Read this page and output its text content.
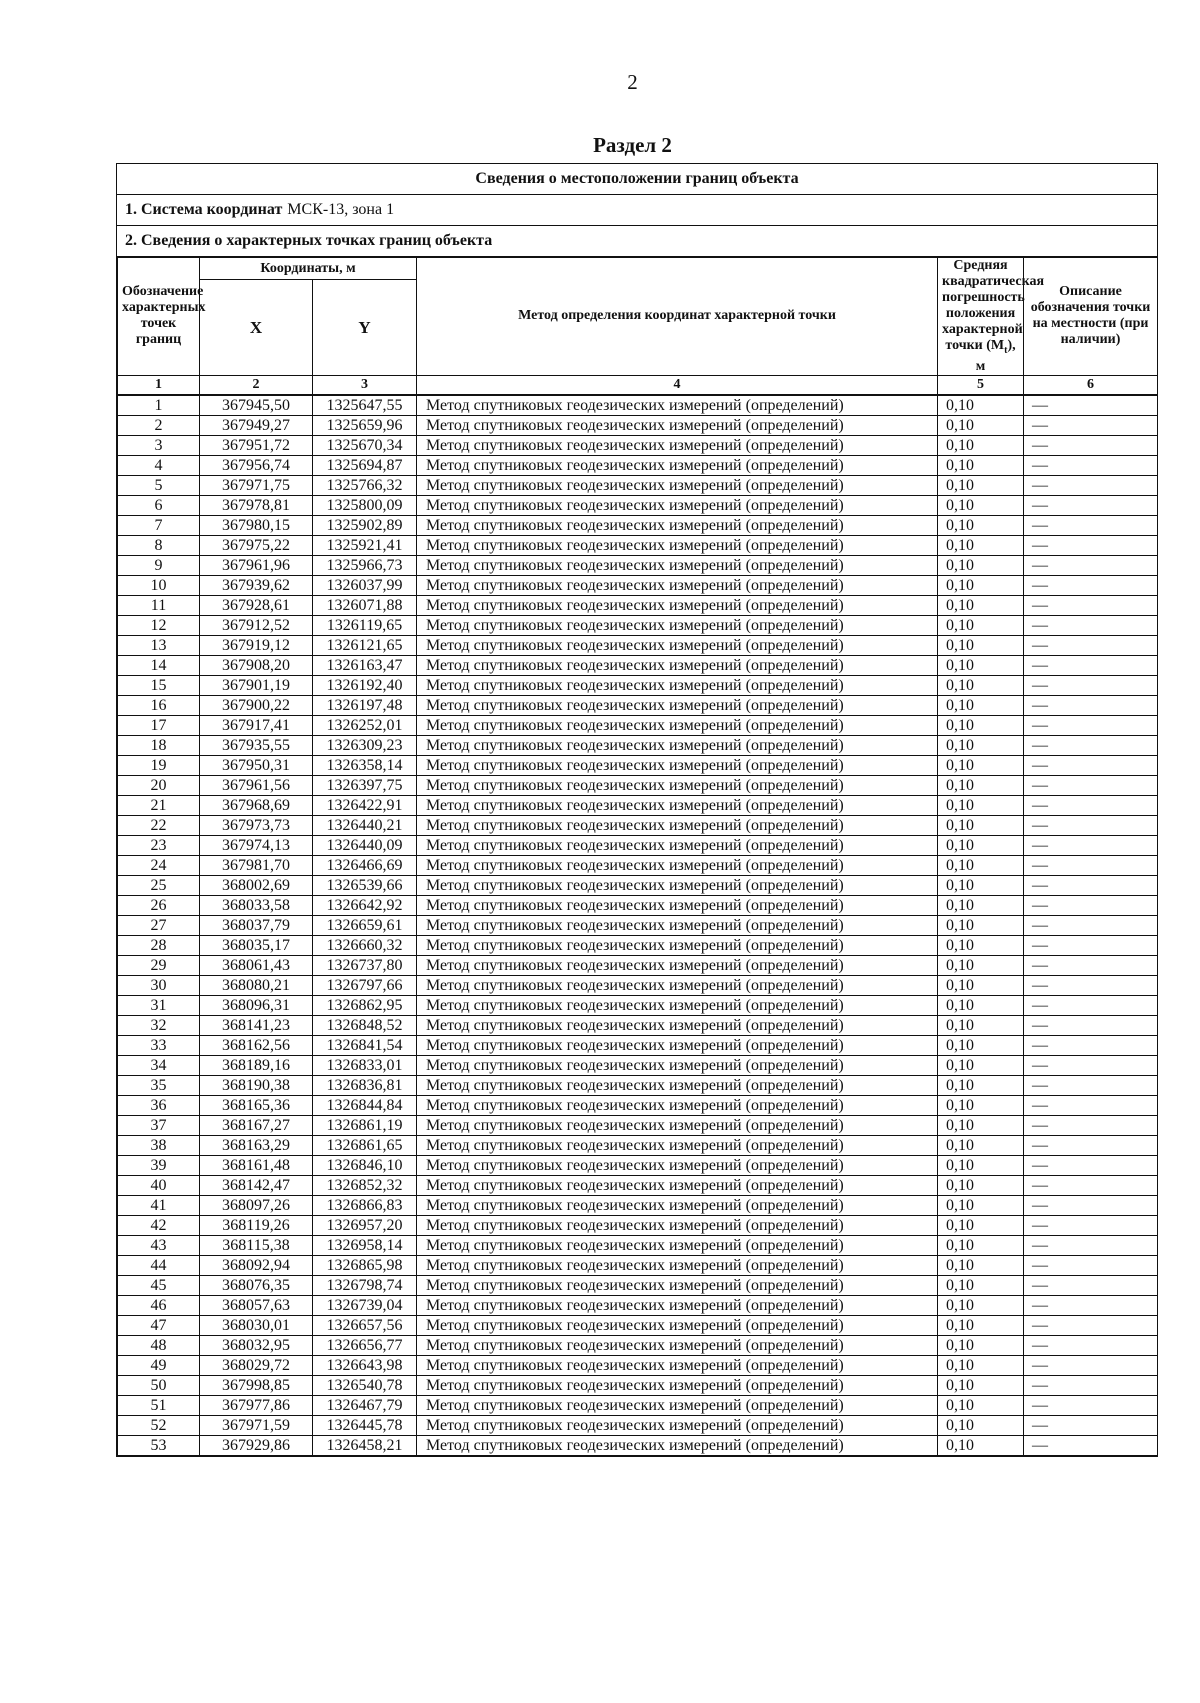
2
Раздел 2
Сведения о местоположении границ объекта
1. Система координат МСК-13, зона 1
2. Сведения о характерных точках границ объекта
Обозначение характерных точек границ	Координаты, м		Метод определения координат характерной точки	Средняя квадратическая погрешность положения характерной точки $(M_t)$, м	Описание обозначения точки на местности (при наличии)
	X	Y			
1	2	3	4	5	6
1	367945,50	1325647,55	Метод спутниковых геодезических измерений (определений)	0,10	—
2	367949,27	1325659,96	Метод спутниковых геодезических измерений (определений)	0,10	—
3	367951,72	1325670,34	Метод спутниковых геодезических измерений (определений)	0,10	—
4	367956,74	1325694,87	Метод спутниковых геодезических измерений (определений)	0,10	—
5	367971,75	1325766,32	Метод спутниковых геодезических измерений (определений)	0,10	—
6	367978,81	1325800,09	Метод спутниковых геодезических измерений (определений)	0,10	—
7	367980,15	1325902,89	Метод спутниковых геодезических измерений (определений)	0,10	—
8	367975,22	1325921,41	Метод спутниковых геодезических измерений (определений)	0,10	—
9	367961,96	1325966,73	Метод спутниковых геодезических измерений (определений)	0,10	—
10	367939,62	1326037,99	Метод спутниковых геодезических измерений (определений)	0,10	—
11	367928,61	1326071,88	Метод спутниковых геодезических измерений (определений)	0,10	—
12	367912,52	1326119,65	Метод спутниковых геодезических измерений (определений)	0,10	—
13	367919,12	1326121,65	Метод спутниковых геодезических измерений (определений)	0,10	—
14	367908,20	1326163,47	Метод спутниковых геодезических измерений (определений)	0,10	—
15	367901,19	1326192,40	Метод спутниковых геодезических измерений (определений)	0,10	—
16	367900,22	1326197,48	Метод спутниковых геодезических измерений (определений)	0,10	—
17	367917,41	1326252,01	Метод спутниковых геодезических измерений (определений)	0,10	—
18	367935,55	1326309,23	Метод спутниковых геодезических измерений (определений)	0,10	—
19	367950,31	1326358,14	Метод спутниковых геодезических измерений (определений)	0,10	—
20	367961,56	1326397,75	Метод спутниковых геодезических измерений (определений)	0,10	—
21	367968,69	1326422,91	Метод спутниковых геодезических измерений (определений)	0,10	—
22	367973,73	1326440,21	Метод спутниковых геодезических измерений (определений)	0,10	—
23	367974,13	1326440,09	Метод спутниковых геодезических измерений (определений)	0,10	—
24	367981,70	1326466,69	Метод спутниковых геодезических измерений (определений)	0,10	—
25	368002,69	1326539,66	Метод спутниковых геодезических измерений (определений)	0,10	—
26	368033,58	1326642,92	Метод спутниковых геодезических измерений (определений)	0,10	—
27	368037,79	1326659,61	Метод спутниковых геодезических измерений (определений)	0,10	—
28	368035,17	1326660,32	Метод спутниковых геодезических измерений (определений)	0,10	—
29	368061,43	1326737,80	Метод спутниковых геодезических измерений (определений)	0,10	—
30	368080,21	1326797,66	Метод спутниковых геодезических измерений (определений)	0,10	—
31	368096,31	1326862,95	Метод спутниковых геодезических измерений (определений)	0,10	—
32	368141,23	1326848,52	Метод спутниковых геодезических измерений (определений)	0,10	—
33	368162,56	1326841,54	Метод спутниковых геодезических измерений (определений)	0,10	—
34	368189,16	1326833,01	Метод спутниковых геодезических измерений (определений)	0,10	—
35	368190,38	1326836,81	Метод спутниковых геодезических измерений (определений)	0,10	—
36	368165,36	1326844,84	Метод спутниковых геодезических измерений (определений)	0,10	—
37	368167,27	1326861,19	Метод спутниковых геодезических измерений (определений)	0,10	—
38	368163,29	1326861,65	Метод спутниковых геодезических измерений (определений)	0,10	—
39	368161,48	1326846,10	Метод спутниковых геодезических измерений (определений)	0,10	—
40	368142,47	1326852,32	Метод спутниковых геодезических измерений (определений)	0,10	—
41	368097,26	1326866,83	Метод спутниковых геодезических измерений (определений)	0,10	—
42	368119,26	1326957,20	Метод спутниковых геодезических измерений (определений)	0,10	—
43	368115,38	1326958,14	Метод спутниковых геодезических измерений (определений)	0,10	—
44	368092,94	1326865,98	Метод спутниковых геодезических измерений (определений)	0,10	—
45	368076,35	1326798,74	Метод спутниковых геодезических измерений (определений)	0,10	—
46	368057,63	1326739,04	Метод спутниковых геодезических измерений (определений)	0,10	—
47	368030,01	1326657,56	Метод спутниковых геодезических измерений (определений)	0,10	—
48	368032,95	1326656,77	Метод спутниковых геодезических измерений (определений)	0,10	—
49	368029,72	1326643,98	Метод спутниковых геодезических измерений (определений)	0,10	—
50	367998,85	1326540,78	Метод спутниковых геодезических измерений (определений)	0,10	—
51	367977,86	1326467,79	Метод спутниковых геодезических измерений (определений)	0,10	—
52	367971,59	1326445,78	Метод спутниковых геодезических измерений (определений)	0,10	—
53	367929,86	1326458,21	Метод спутниковых геодезических измерений (определений)	0,10	—
